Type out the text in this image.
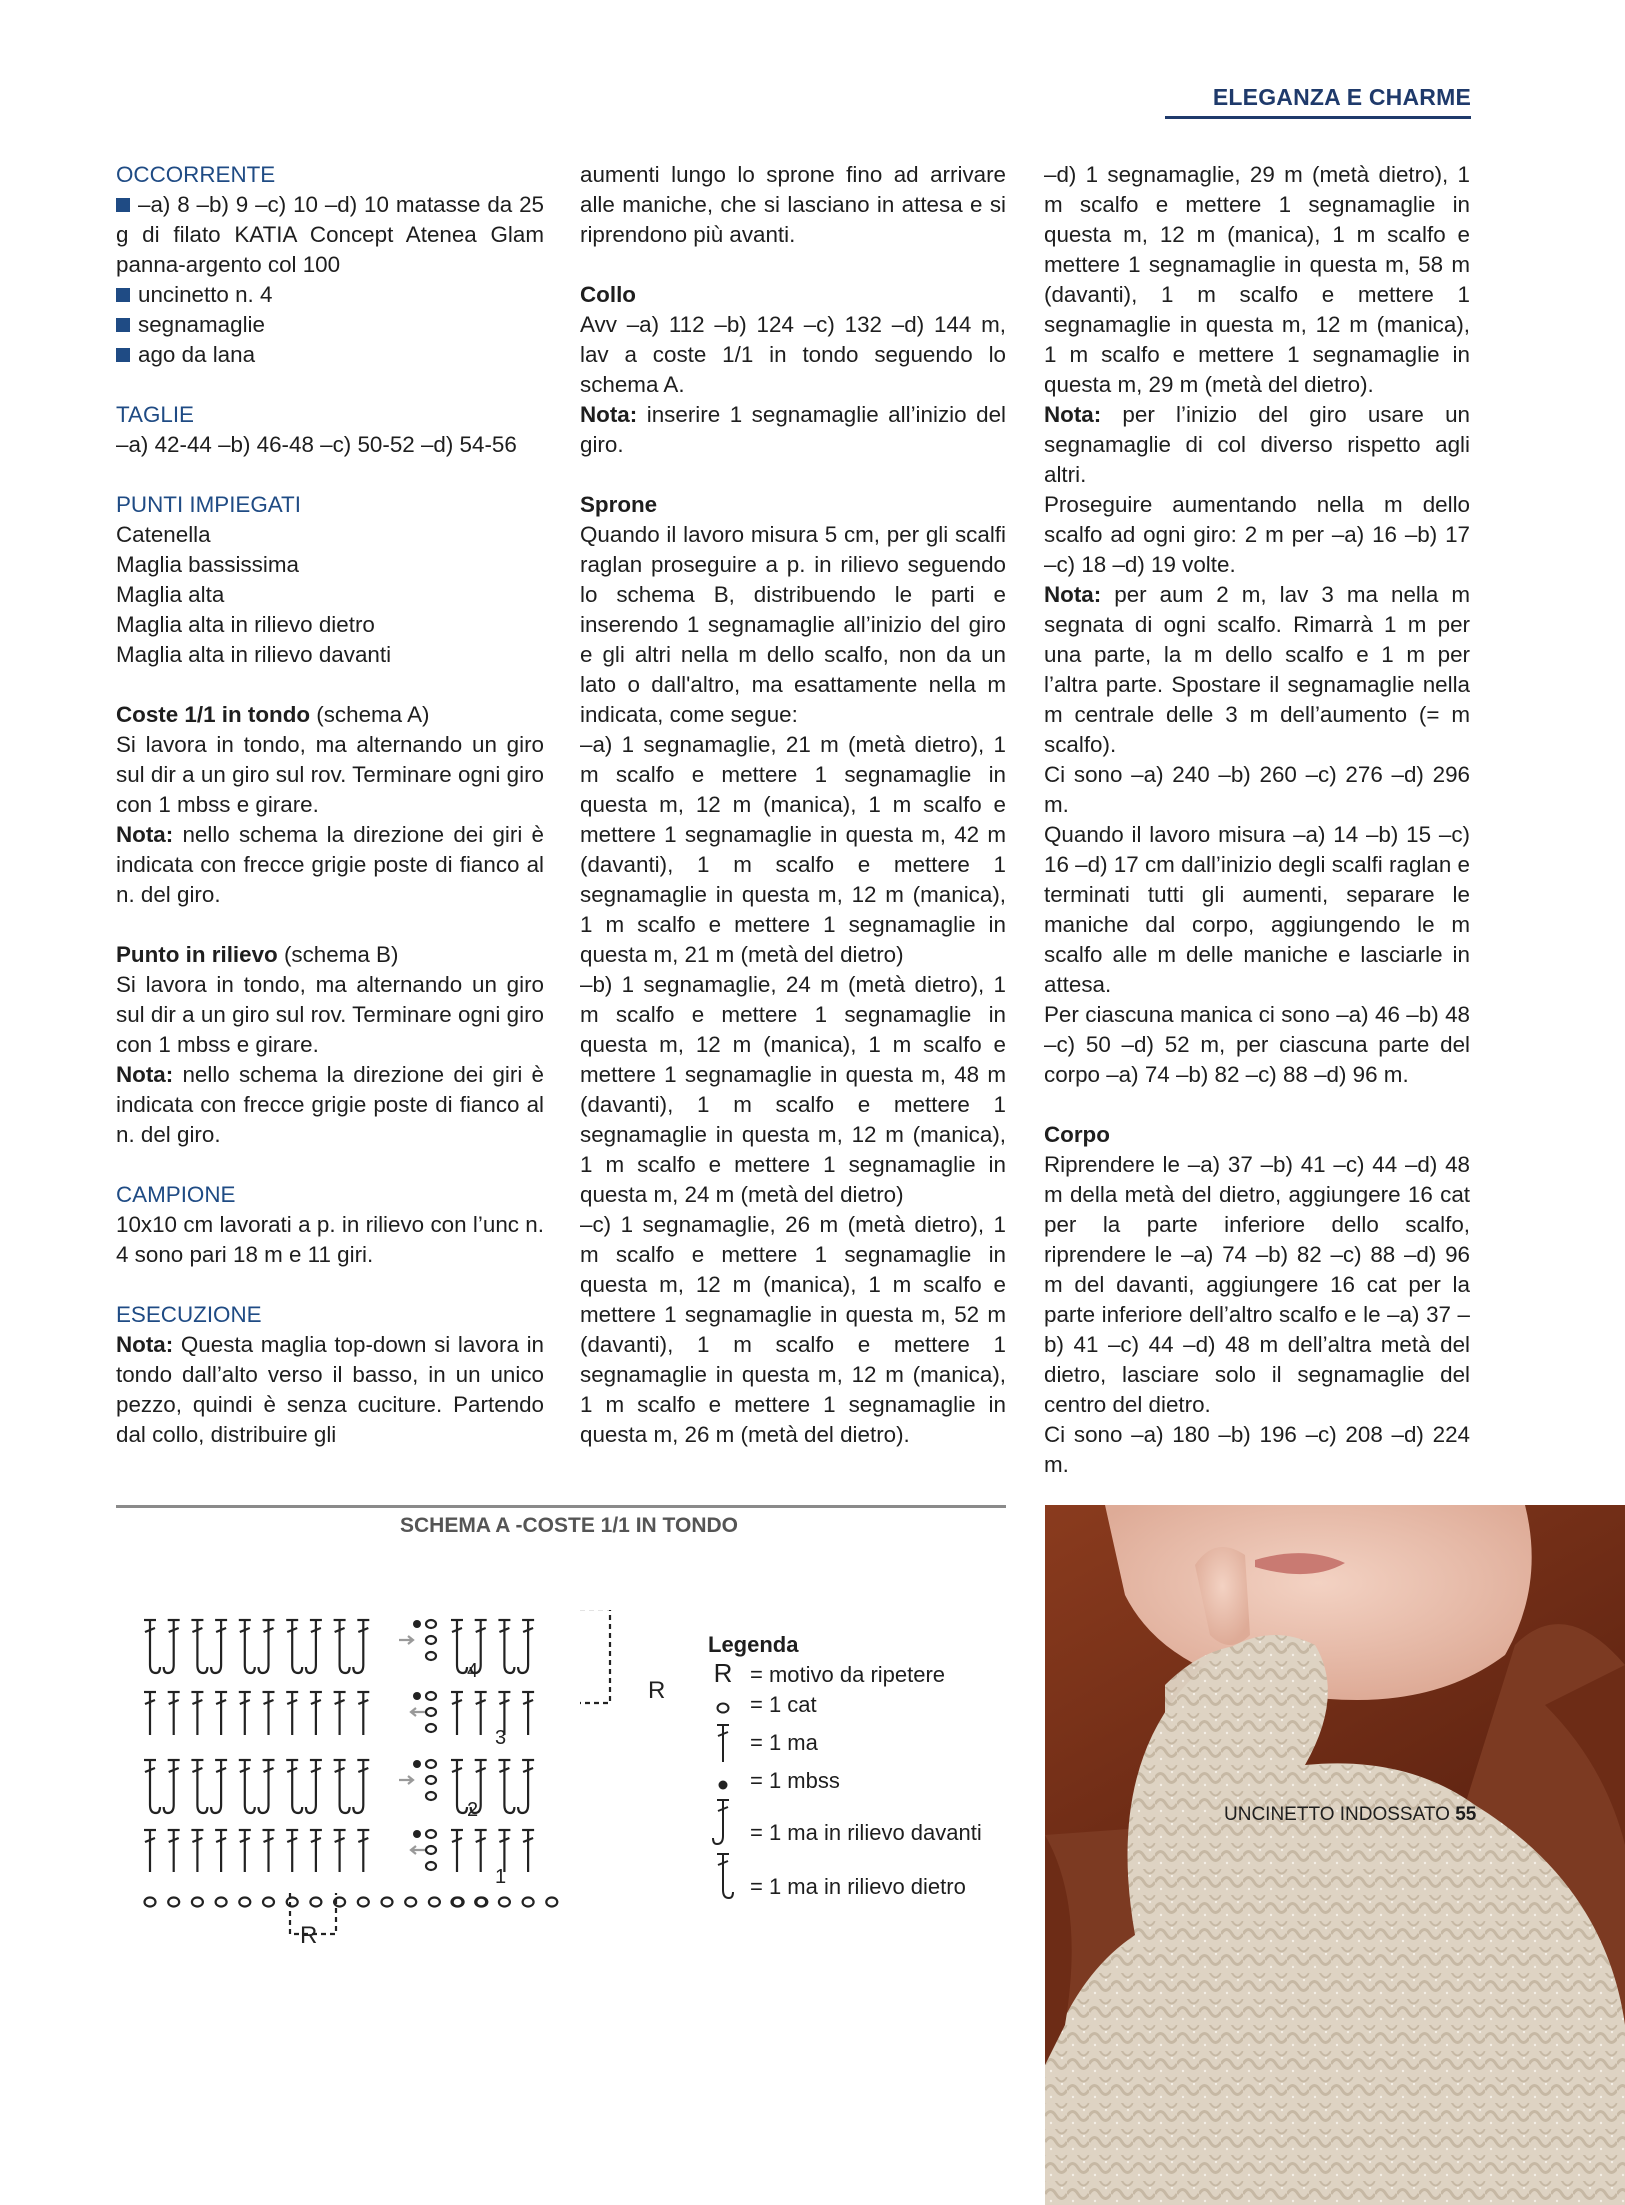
ELEGANZA E CHARME

OCCORRENTE

–a) 8 –b) 9 –c) 10 –d) 10 matasse da 25 g di filato KATIA Concept Atenea Glam panna-argento col 100

uncinetto n. 4

segnamaglie

ago da lana

TAGLIE

–a) 42-44 –b) 46-48 –c) 50-52 –d) 54-56

PUNTI IMPIEGATI

Catenella

Maglia bassissima

Maglia alta

Maglia alta in rilievo dietro

Maglia alta in rilievo davanti

Coste 1/1 in tondo (schema A)

Si lavora in tondo, ma alternando un giro sul dir a un giro sul rov. Terminare ogni giro con 1 mbss e girare.

Nota: nello schema la direzione dei giri è indicata con frecce grigie poste di fianco al n. del giro.

Punto in rilievo (schema B)

Si lavora in tondo, ma alternando un giro sul dir a un giro sul rov. Terminare ogni giro con 1 mbss e girare.

Nota: nello schema la direzione dei giri è indicata con frecce grigie poste di fianco al n. del giro.

CAMPIONE

10x10 cm lavorati a p. in rilievo con l’unc n. 4 sono pari 18 m e 11 giri.

ESECUZIONE

Nota: Questa maglia top-down si lavora in tondo dall’alto verso il basso, in un unico pezzo, quindi è senza cuciture. Partendo dal collo, distribuire gli

aumenti lungo lo sprone fino ad arrivare alle maniche, che si lasciano in attesa e si riprendono più avanti.

Collo

Avv –a) 112 –b) 124 –c) 132 –d) 144 m, lav a coste 1/1 in tondo seguendo lo schema A.

Nota: inserire 1 segnamaglie all’inizio del giro.

Sprone

Quando il lavoro misura 5 cm, per gli scalfi raglan proseguire a p. in rilievo seguendo lo schema B, distribuendo le parti e inserendo 1 segnamaglie all’inizio del giro e gli altri nella m dello scalfo, non da un lato o dall'altro, ma esattamente nella m indicata, come segue:

–a) 1 segnamaglie, 21 m (metà dietro), 1 m scalfo e mettere 1 segnamaglie in questa m, 12 m (manica), 1 m scalfo e mettere 1 segnamaglie in questa m, 42 m (davanti), 1 m scalfo e mettere 1 segnamaglie in questa m, 12 m (manica), 1 m scalfo e mettere 1 segnamaglie in questa m, 21 m (metà del dietro)

–b) 1 segnamaglie, 24 m (metà dietro), 1 m scalfo e mettere 1 segnamaglie in questa m, 12 m (manica), 1 m scalfo e mettere 1 segnamaglie in questa m, 48 m (davanti), 1 m scalfo e mettere 1 segnamaglie in questa m, 12 m (manica), 1 m scalfo e mettere 1 segnamaglie in questa m, 24 m (metà del dietro)

–c) 1 segnamaglie, 26 m (metà dietro), 1 m scalfo e mettere 1 segnamaglie in questa m, 12 m (manica), 1 m scalfo e mettere 1 segnamaglie in questa m, 52 m (davanti), 1 m scalfo e mettere 1 segnamaglie in questa m, 12 m (manica), 1 m scalfo e mettere 1 segnamaglie in questa m, 26 m (metà del dietro).

–d) 1 segnamaglie, 29 m (metà dietro), 1 m scalfo e mettere 1 segnamaglie in questa m, 12 m (manica), 1 m scalfo e mettere 1 segnamaglie in questa m, 58 m (davanti), 1 m scalfo e mettere 1 segnamaglie in questa m, 12 m (manica), 1 m scalfo e mettere 1 segnamaglie in questa m, 29 m (metà del dietro).

Nota: per l’inizio del giro usare un segnamaglie di col diverso rispetto agli altri.

Proseguire aumentando nella m dello scalfo ad ogni giro: 2 m per –a) 16 –b) 17 –c) 18 –d) 19 volte.

Nota: per aum 2 m, lav 3 ma nella m segnata di ogni scalfo. Rimarrà 1 m per una parte, la m dello scalfo e 1 m per l’altra parte. Spostare il segnamaglie nella m centrale delle 3 m dell’aumento (= m scalfo).

Ci sono –a) 240 –b) 260 –c) 276 –d) 296 m.

Quando il lavoro misura –a) 14 –b) 15 –c) 16 –d) 17 cm dall’inizio degli scalfi raglan e terminati tutti gli aumenti, separare le maniche dal corpo, aggiungendo le m scalfo alle m delle maniche e lasciarle in attesa.

Per ciascuna manica ci sono –a) 46 –b) 48 –c) 50 –d) 52 m, per ciascuna parte del corpo –a) 74 –b) 82 –c) 88 –d) 96 m.

Corpo

Riprendere le –a) 37 –b) 41 –c) 44 –d) 48 m della metà del dietro, aggiungere 16 cat per la parte inferiore dello scalfo, riprendere le –a) 74 –b) 82 –c) 88 –d) 96 m del davanti, aggiungere 16 cat per la parte inferiore dell’altro scalfo e le –a) 37 –b) 41 –c) 44 –d) 48 m dell’altra metà del dietro, lasciare solo il segnamaglie del centro del dietro.

Ci sono –a) 180 –b) 196 –c) 208 –d) 224 m.

SCHEMA A -COSTE 1/1 IN TONDO
4
3
2
1
R
R
Legenda
R = motivo da ripetere
= 1 cat
= 1 ma
= 1 mbss
= 1 ma in rilievo davanti
= 1 ma in rilievo dietro
UNCINETTO INDOSSATO 55
